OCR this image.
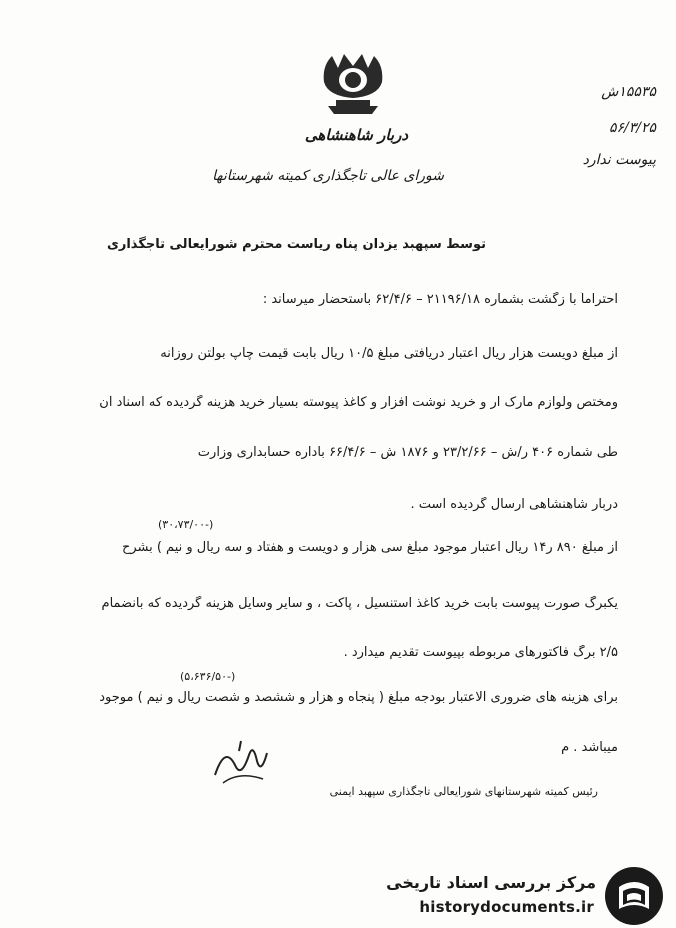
دربار شاهنشاهی
شورای عالی تاجگذاری کمیته شهرستانها
۱۵۵۳۵ش
۵۶/۳/۲۵
پیوست ندارد
توسط سپهبد یزدان پناه ریاست محترم شورایعالی تاجگذاری
احتراماً با زگشت بشماره ۲۱۱۹۶/۱۸ – ۶۲/۴/۶ باستحضار میرساند :
از مبلغ دویست هزار ریال اعتبار دریافتی مبلغ ۱۰/۵ ریال بابت قیمت چاپ بولتن روزانه
ومختص ولوازم مارک ار و خرید نوشت افزار و کاغذ پیوسته بسیار خرید هزینه گردیده که اسناد آن
طی شماره ۴۰۶ ر/ش – ۲۳/۲/۶۶ و ۱۸۷۶ ش – ۶۶/۴/۶ باداره حسابداری وزارت
دربار شاهنشاهی ارسال گردیده است .
(۳۰،۷۳/۰۰-)
از مبلغ ۸۹۰ ر۱۴ ریال اعتبار موجود مبلغ سی هزار و دویست و هفتاد و سه ریال و نیم ) بشرح
یکبرگ صورت پیوست بابت خرید کاغذ استنسیل ، پاکت ، و سایر وسایل هزینه گردیده که بانضمام
۲/۵ برگ فاکتورهای مربوطه بپیوست تقدیم میدارد .
(۵،۶۳۶/۵۰-)
برای هزینه های ضروری الاعتبار بودجه مبلغ ( پنجاه و هزار و ششصد و شصت ریال و نیم ) موجود
میباشد . م
رئیس کمیته شهرستانهای شورایعالی تاجگذاری سپهبد ایمنی
مرکز بررسی اسناد تاریخی
historydocuments.ir
